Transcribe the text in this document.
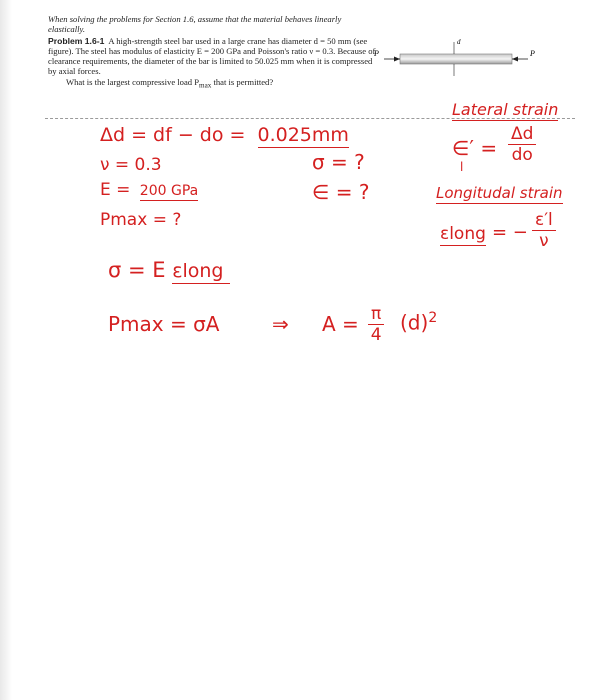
When solving the problems for Section 1.6, assume that the material behaves linearly elastically.

Problem 1.6-1 A high-strength steel bar used in a large crane has diameter d = 50 mm (see figure). The steel has modulus of elasticity E = 200 GPa and Poisson's ratio ν = 0.3. Because of clearance requirements, the diameter of the bar is limited to 50.025 mm when it is compressed by axial forces.

What is the largest compressive load $P_{max}$ that is permitted?

P	P
d
Δd = df − do = 0.025mm
ν = 0.3
E = 200 GPa
Pmax = ?
σ = ?
∈ = ?
σ = E εlong
Pmax = σA	⇒ $A = \frac{\pi}{4} (d)^2$
Lateral strain
∈′ =
l
$\frac{\Delta d}{do}$
Longitudal strain
εlong = − $\frac{\varepsilon'l}{\nu}$
